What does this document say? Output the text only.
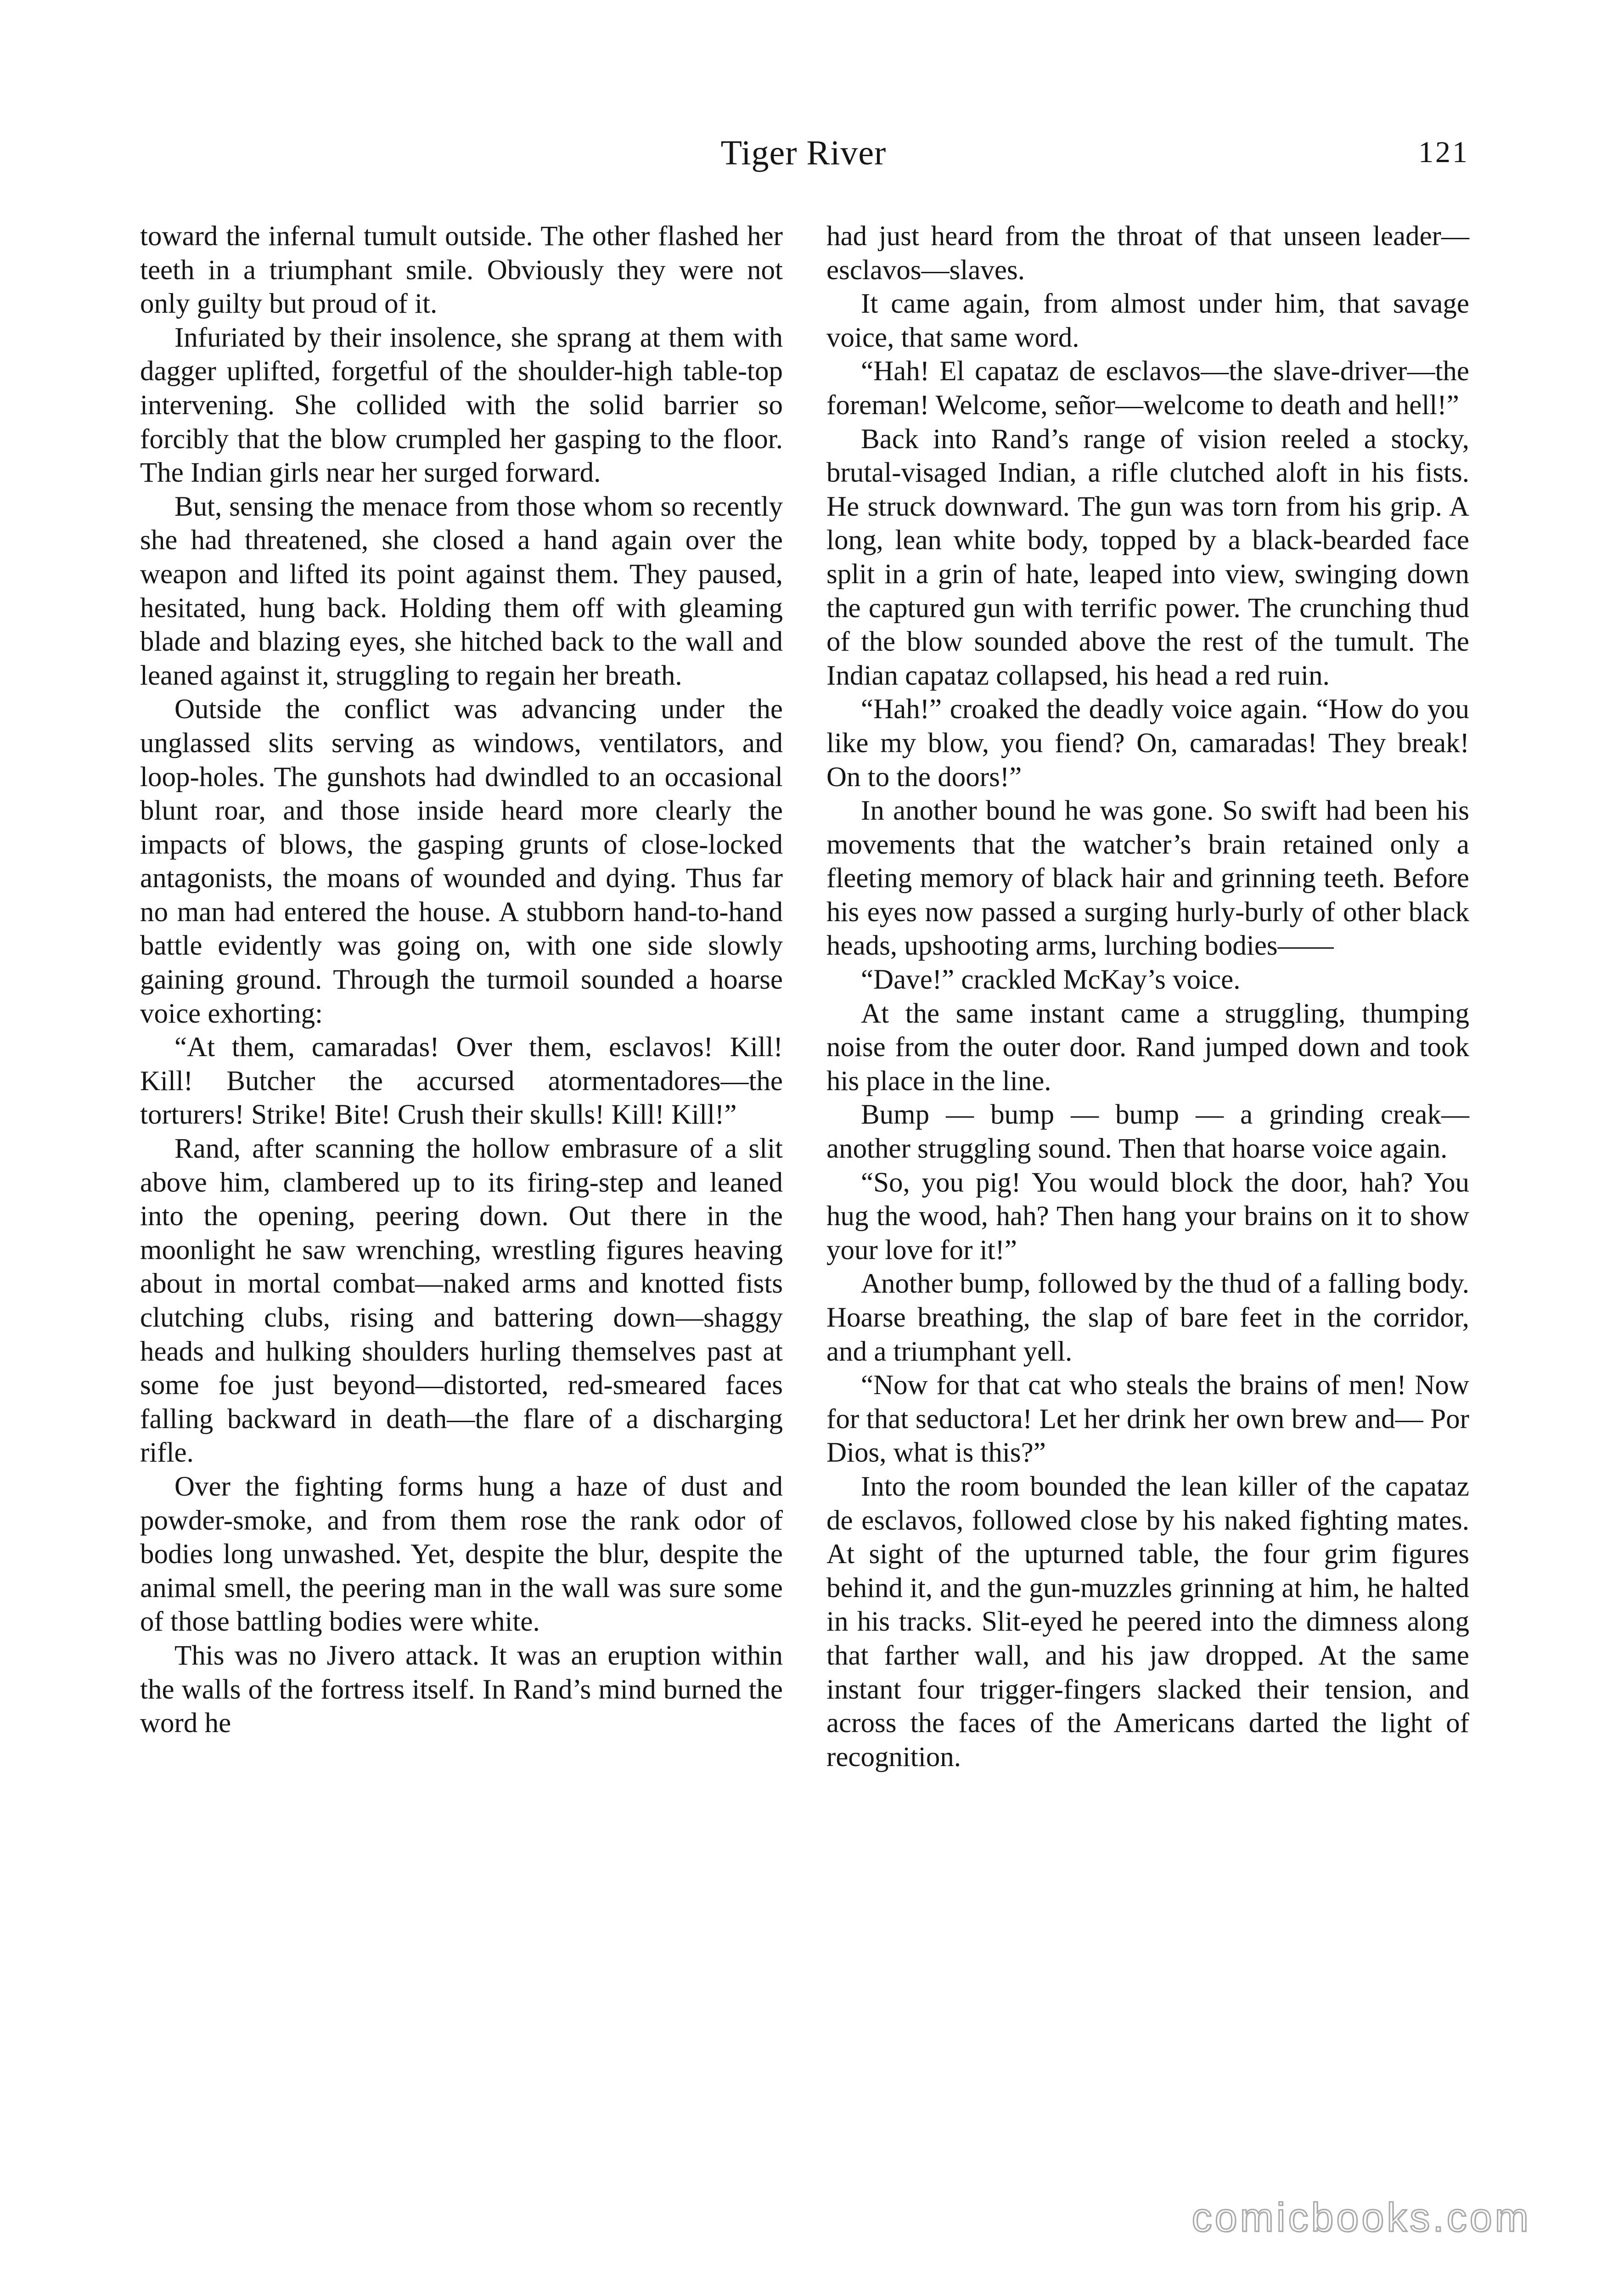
Tiger River	121

toward the infernal tumult outside. The other flashed her teeth in a triumphant smile. Obviously they were not only guilty but proud of it.

Infuriated by their insolence, she sprang at them with dagger uplifted, forgetful of the shoulder-high table-top intervening. She collided with the solid barrier so forcibly that the blow crumpled her gasping to the floor. The Indian girls near her surged forward.

But, sensing the menace from those whom so recently she had threatened, she closed a hand again over the weapon and lifted its point against them. They paused, hesitated, hung back. Holding them off with gleaming blade and blazing eyes, she hitched back to the wall and leaned against it, struggling to regain her breath.

Outside the conflict was advancing under the unglassed slits serving as windows, ventilators, and loop-holes. The gunshots had dwindled to an occasional blunt roar, and those inside heard more clearly the impacts of blows, the gasping grunts of close-locked antagonists, the moans of wounded and dying. Thus far no man had entered the house. A stubborn hand-to-hand battle evidently was going on, with one side slowly gaining ground. Through the turmoil sounded a hoarse voice exhorting:

“At them, camaradas! Over them, esclavos! Kill! Kill! Butcher the accursed atormentadores—the torturers! Strike! Bite! Crush their skulls! Kill! Kill!”

Rand, after scanning the hollow embrasure of a slit above him, clambered up to its firing-step and leaned into the opening, peering down. Out there in the moonlight he saw wrenching, wrestling figures heaving about in mortal combat—naked arms and knotted fists clutching clubs, rising and battering down—shaggy heads and hulking shoulders hurling themselves past at some foe just beyond—distorted, red-smeared faces falling backward in death—the flare of a discharging rifle.

Over the fighting forms hung a haze of dust and powder-smoke, and from them rose the rank odor of bodies long unwashed. Yet, despite the blur, despite the animal smell, the peering man in the wall was sure some of those battling bodies were white.

This was no Jivero attack. It was an eruption within the walls of the fortress itself. In Rand’s mind burned the word he

had just heard from the throat of that unseen leader—esclavos—slaves.

It came again, from almost under him, that savage voice, that same word.

“Hah! El capataz de esclavos—the slave-driver—the foreman! Welcome, señor—welcome to death and hell!”

Back into Rand’s range of vision reeled a stocky, brutal-visaged Indian, a rifle clutched aloft in his fists. He struck downward. The gun was torn from his grip. A long, lean white body, topped by a black-bearded face split in a grin of hate, leaped into view, swinging down the captured gun with terrific power. The crunching thud of the blow sounded above the rest of the tumult. The Indian capataz collapsed, his head a red ruin.

“Hah!” croaked the deadly voice again. “How do you like my blow, you fiend? On, camaradas! They break! On to the doors!”

In another bound he was gone. So swift had been his movements that the watcher’s brain retained only a fleeting memory of black hair and grinning teeth. Before his eyes now passed a surging hurly-burly of other black heads, upshooting arms, lurching bodies——

“Dave!” crackled McKay’s voice.

At the same instant came a struggling, thumping noise from the outer door. Rand jumped down and took his place in the line.

Bump — bump — bump — a grinding creak—another struggling sound. Then that hoarse voice again.

“So, you pig! You would block the door, hah? You hug the wood, hah? Then hang your brains on it to show your love for it!”

Another bump, followed by the thud of a falling body. Hoarse breathing, the slap of bare feet in the corridor, and a triumphant yell.

“Now for that cat who steals the brains of men! Now for that seductora! Let her drink her own brew and— Por Dios, what is this?”

Into the room bounded the lean killer of the capataz de esclavos, followed close by his naked fighting mates. At sight of the upturned table, the four grim figures behind it, and the gun-muzzles grinning at him, he halted in his tracks. Slit-eyed he peered into the dimness along that farther wall, and his jaw dropped. At the same instant four trigger-fingers slacked their tension, and across the faces of the Americans darted the light of recognition.

comicbooks.com
